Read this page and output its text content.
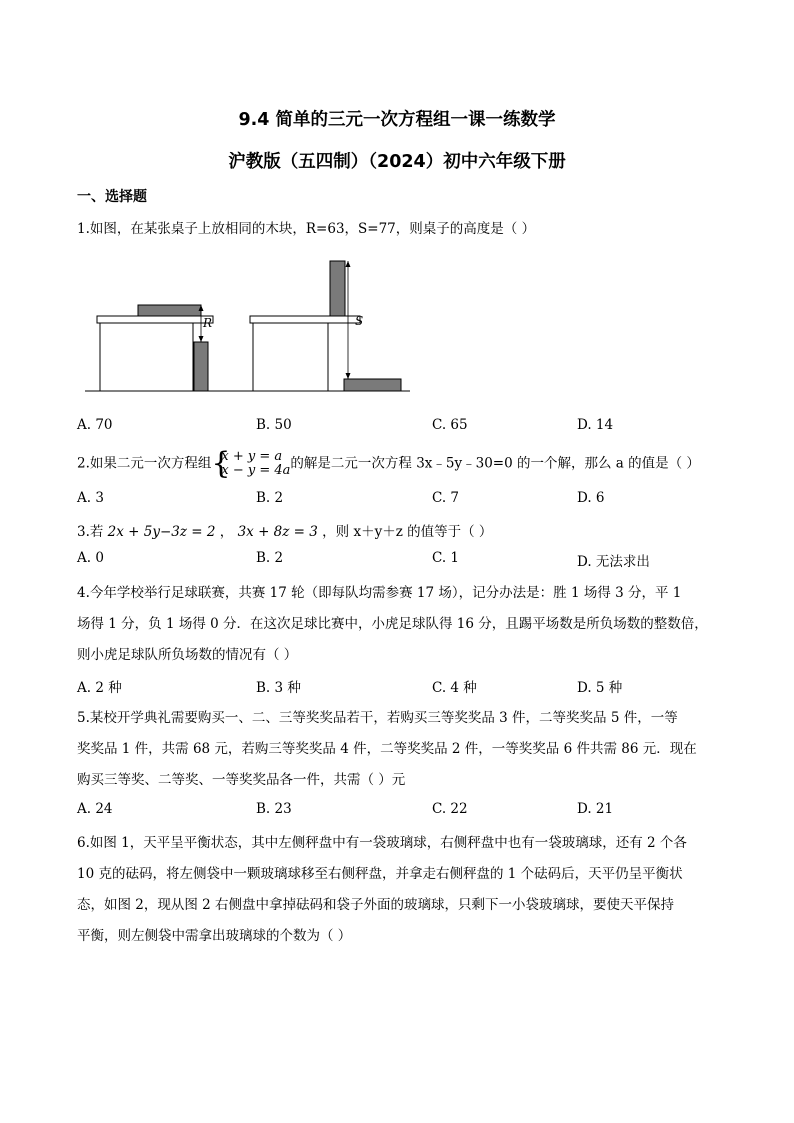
9.4 简单的三元一次方程组一课一练数学
沪教版（五四制）（2024）初中六年级下册
一、选择题
1.如图，在某张桌子上放相同的木块，R=63，S=77，则桌子的高度是（ ）
R	S
A. 70	B. 50	C. 65	D. 14
2.如果二元一次方程组 {
x + y = a
x − y = 4a 的解是二元一次方程 3x﹣5y﹣30=0 的一个解，那么 a 的值是（ ）
A. 3	B. 2	C. 7	D. 6
3.若 2x + 5y−3z = 2 ， 3x + 8z = 3 ，则 x＋y＋z 的值等于（ ）
A. 0	B. 2	C. 1	D. 无法求出
4.今年学校举行足球联赛，共赛 17 轮（即每队均需参赛 17 场），记分办法是：胜 1 场得 3 分，平 1
场得 1 分，负 1 场得 0 分．在这次足球比赛中，小虎足球队得 16 分，且踢平场数是所负场数的整数倍，
则小虎足球队所负场数的情况有（ ）
A. 2 种	B. 3 种	C. 4 种	D. 5 种
5.某校开学典礼需要购买一、二、三等奖奖品若干，若购买三等奖奖品 3 件，二等奖奖品 5 件，一等
奖奖品 1 件，共需 68 元，若购三等奖奖品 4 件，二等奖奖品 2 件，一等奖奖品 6 件共需 86 元．现在
购买三等奖、二等奖、一等奖奖品各一件，共需（ ）元
A. 24	B. 23	C. 22	D. 21
6.如图 1，天平呈平衡状态，其中左侧秤盘中有一袋玻璃球，右侧秤盘中也有一袋玻璃球，还有 2 个各
10 克的砝码，将左侧袋中一颗玻璃球移至右侧秤盘，并拿走右侧秤盘的 1 个砝码后，天平仍呈平衡状
态，如图 2，现从图 2 右侧盘中拿掉砝码和袋子外面的玻璃球，只剩下一小袋玻璃球，要使天平保持
平衡，则左侧袋中需拿出玻璃球的个数为（ ）
